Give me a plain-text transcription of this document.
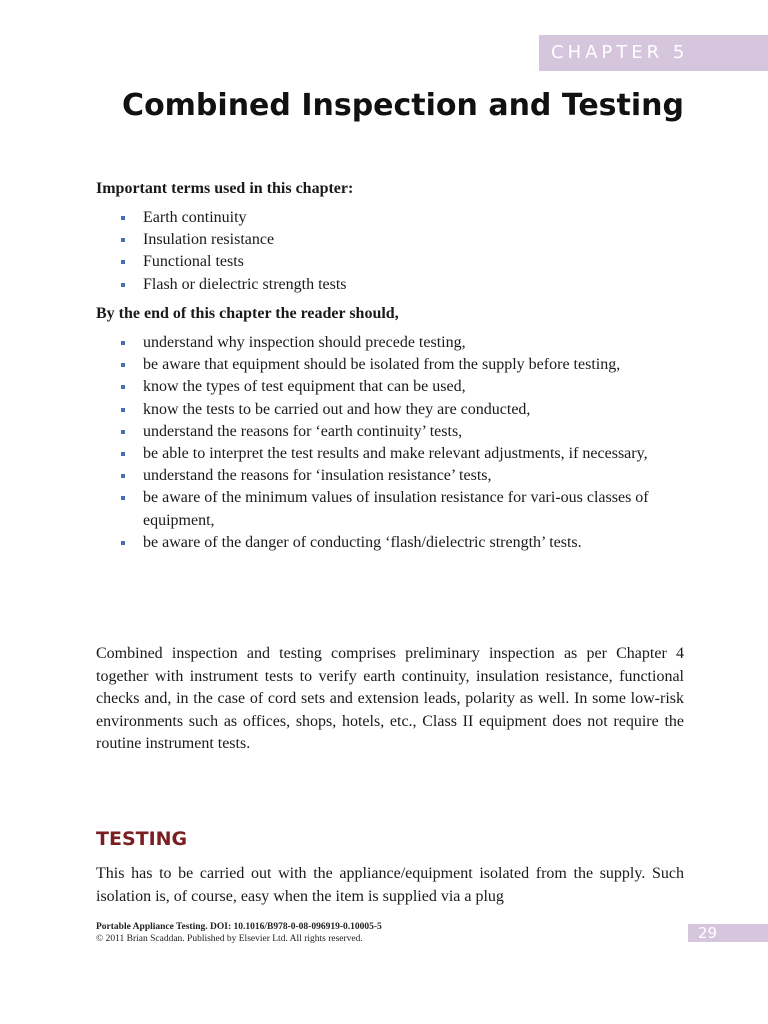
CHAPTER 5
Combined Inspection and Testing

Important terms used in this chapter:

Earth continuity
Insulation resistance
Functional tests
Flash or dielectric strength tests

By the end of this chapter the reader should,

understand why inspection should precede testing,
be aware that equipment should be isolated from the supply before testing,
know the types of test equipment that can be used,
know the tests to be carried out and how they are conducted,
understand the reasons for ‘earth continuity’ tests,
be able to interpret the test results and make relevant adjustments, if necessary,
understand the reasons for ‘insulation resistance’ tests,
be aware of the minimum values of insulation resistance for vari-ous classes of equipment,
be aware of the danger of conducting ‘flash/dielectric strength’ tests.

Combined inspection and testing comprises preliminary inspection as per Chapter 4 together with instrument tests to verify earth continuity, insulation resistance, functional checks and, in the case of cord sets and extension leads, polarity as well. In some low-risk environments such as offices, shops, hotels, etc., Class II equipment does not require the routine instrument tests.

TESTING

This has to be carried out with the appliance/equipment isolated from the supply. Such isolation is, of course, easy when the item is supplied via a plug

Portable Appliance Testing. DOI: 10.1016/B978-0-08-096919-0.10005-5
© 2011 Brian Scaddan. Published by Elsevier Ltd. All rights reserved.	29
